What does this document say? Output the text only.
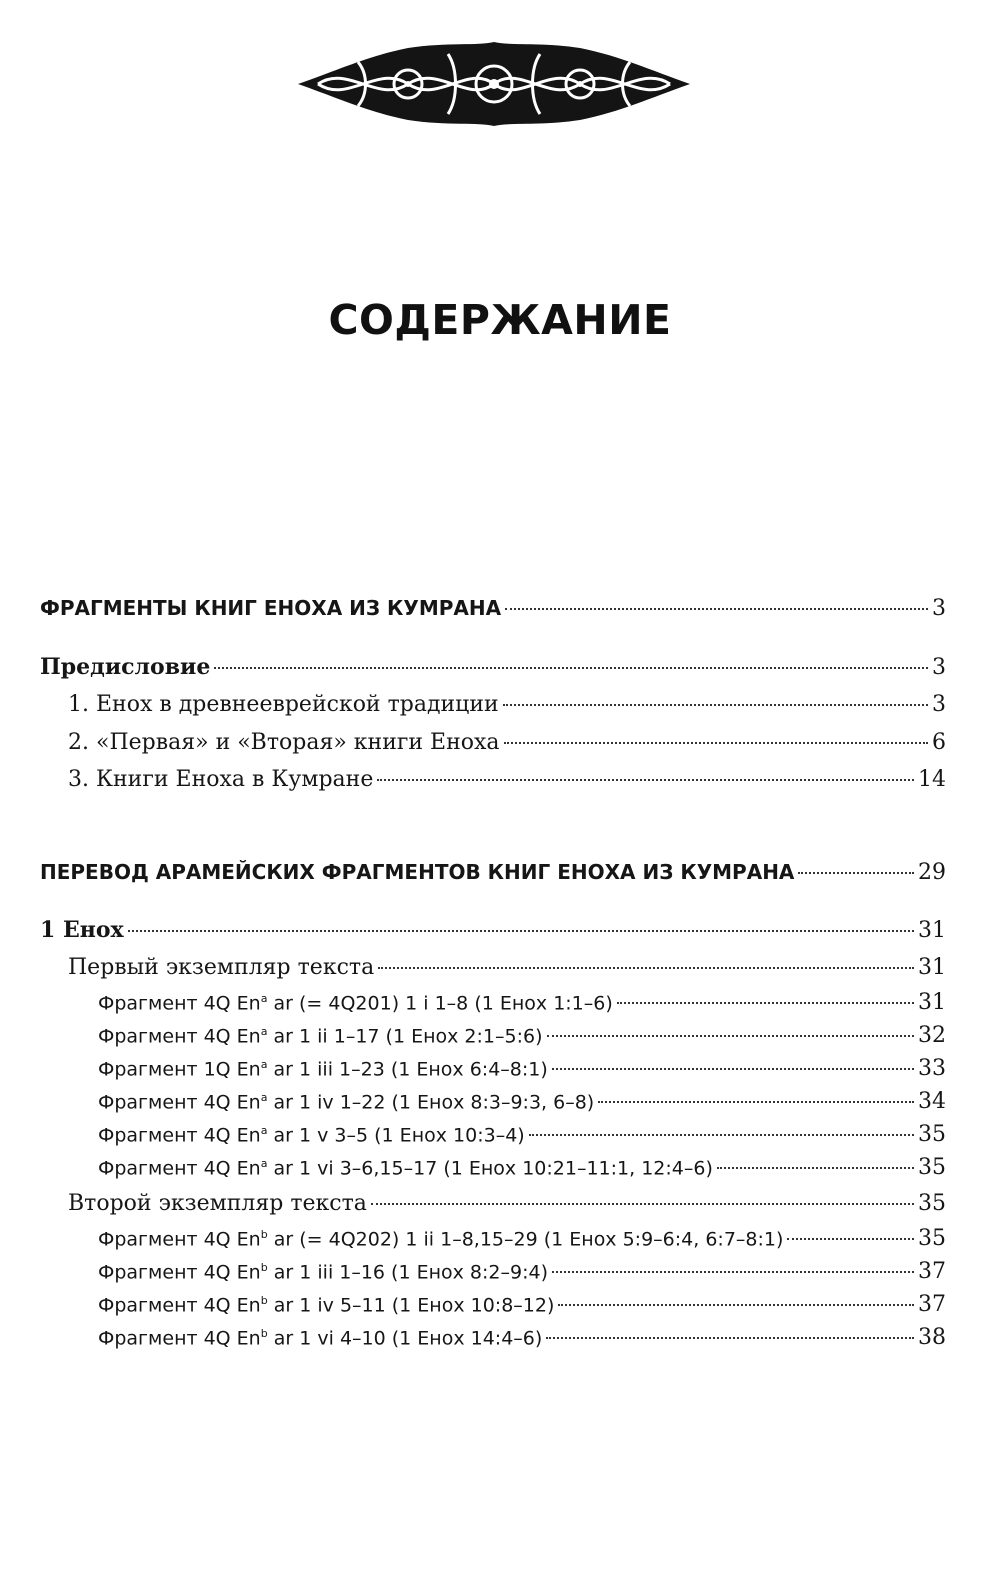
СОДЕРЖАНИЕ
ФРАГМЕНТЫ КНИГ ЕНОХА ИЗ КУМРАНА	3
Предисловие	3
1. Енох в древнееврейской традиции	3
2. «Первая» и «Вторая» книги Еноха	6
3. Книги Еноха в Кумране	14
ПЕРЕВОД АРАМЕЙСКИХ ФРАГМЕНТОВ КНИГ ЕНОХА ИЗ КУМРАНА	29
1 Енох	31
Первый экземпляр текста	31
Фрагмент 4Q En$^a$ ar (= 4Q201) 1 i 1–8 (1 Енох 1:1–6)	31
Фрагмент 4Q En$^a$ ar 1 ii 1–17 (1 Енох 2:1–5:6)	32
Фрагмент 1Q En$^a$ ar 1 iii 1–23 (1 Енох 6:4–8:1)	33
Фрагмент 4Q En$^a$ ar 1 iv 1–22 (1 Енох 8:3–9:3, 6–8)	34
Фрагмент 4Q En$^a$ ar 1 v 3–5 (1 Енох 10:3–4)	35
Фрагмент 4Q En$^a$ ar 1 vi 3–6,15–17 (1 Енох 10:21–11:1, 12:4–6)	35
Второй экземпляр текста	35
Фрагмент 4Q En$^b$ ar (= 4Q202) 1 ii 1–8,15–29 (1 Енох 5:9–6:4, 6:7–8:1)	35
Фрагмент 4Q En$^b$ ar 1 iii 1–16 (1 Енох 8:2–9:4)	37
Фрагмент 4Q En$^b$ ar 1 iv 5–11 (1 Енох 10:8–12)	37
Фрагмент 4Q En$^b$ ar 1 vi 4–10 (1 Енох 14:4–6)	38
